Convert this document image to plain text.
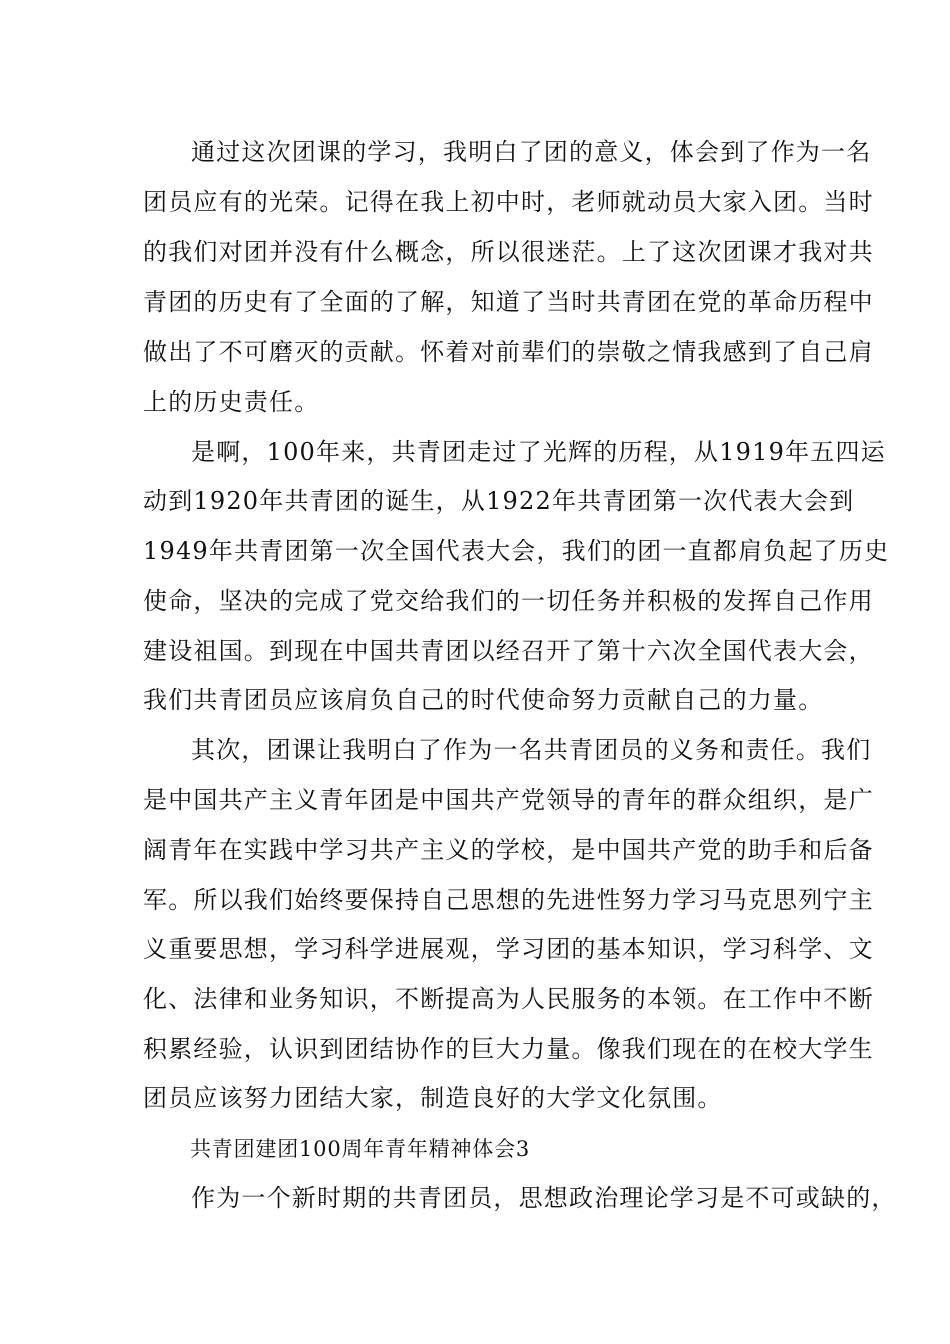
通过这次团课的学习，我明白了团的意义，体会到了作为一名
团员应有的光荣。记得在我上初中时，老师就动员大家入团。当时
的我们对团并没有什么概念，所以很迷茫。上了这次团课才我对共
青团的历史有了全面的了解，知道了当时共青团在党的革命历程中
做出了不可磨灭的贡献。怀着对前辈们的崇敬之情我感到了自己肩
上的历史责任。
是啊，100年来，共青团走过了光辉的历程，从1919年五四运
动到1920年共青团的诞生，从1922年共青团第一次代表大会到
1949年共青团第一次全国代表大会，我们的团一直都肩负起了历史
使命，坚决的完成了党交给我们的一切任务并积极的发挥自己作用
建设祖国。到现在中国共青团以经召开了第十六次全国代表大会，
我们共青团员应该肩负自己的时代使命努力贡献自己的力量。
其次，团课让我明白了作为一名共青团员的义务和责任。我们
是中国共产主义青年团是中国共产党领导的青年的群众组织，是广
阔青年在实践中学习共产主义的学校，是中国共产党的助手和后备
军。所以我们始终要保持自己思想的先进性努力学习马克思列宁主
义重要思想，学习科学进展观，学习团的基本知识，学习科学、文
化、法律和业务知识，不断提高为人民服务的本领。在工作中不断
积累经验，认识到团结协作的巨大力量。像我们现在的在校大学生
团员应该努力团结大家，制造良好的大学文化氛围。
共青团建团100周年青年精神体会3
作为一个新时期的共青团员，思想政治理论学习是不可或缺的，
